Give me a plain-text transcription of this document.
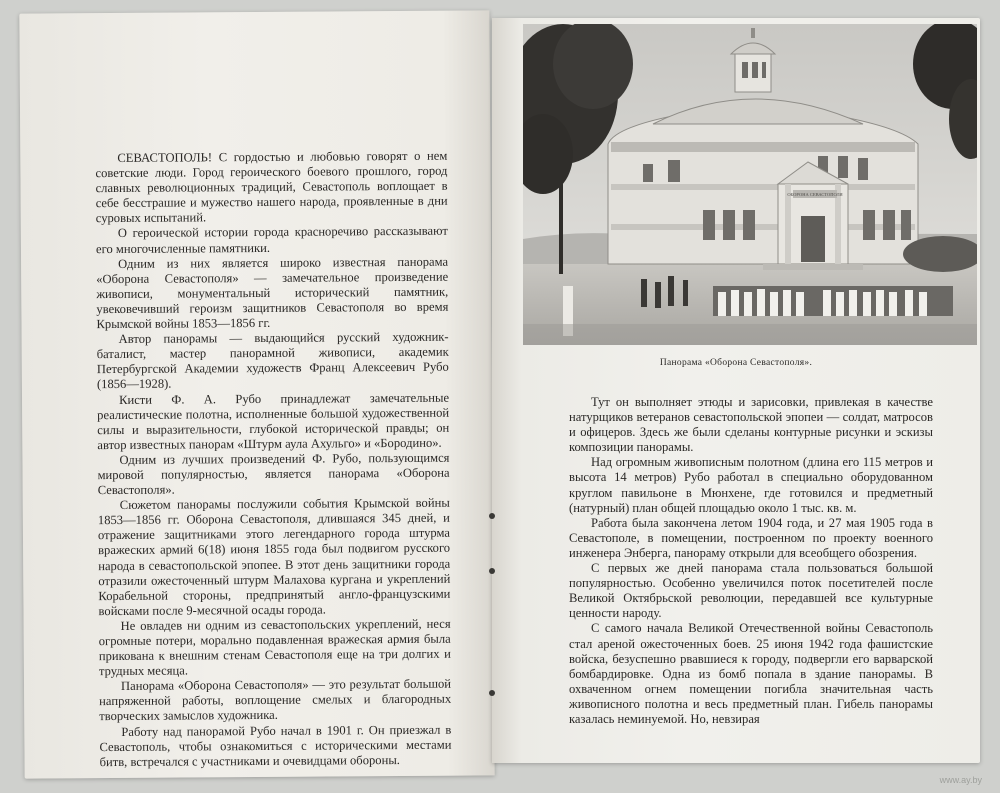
СЕВАСТОПОЛЬ! С гордостью и любовью говорят о нем советские люди. Город героического боевого прошлого, город славных революционных традиций, Севастополь воплощает в себе бесстрашие и мужество нашего народа, проявленные в дни суровых испытаний.

О героической истории города красноречиво рассказывают его многочисленные памятники.

Одним из них является широко известная панорама «Оборона Севастополя» — замечательное произведение живописи, монументальный исторический памятник, увековечивший героизм защитников Севастополя во время Крымской войны 1853—1856 гг.

Автор панорамы — выдающийся русский художник-баталист, мастер панорамной живописи, академик Петербургской Академии художеств Франц Алексеевич Рубо (1856—1928).

Кисти Ф. А. Рубо принадлежат замечательные реалистические полотна, исполненные большой художественной силы и выразительности, глубокой исторической правды; он автор известных панорам «Штурм аула Ахульго» и «Бородино».

Одним из лучших произведений Ф. Рубо, пользующимся мировой популярностью, является панорама «Оборона Севастополя».

Сюжетом панорамы послужили события Крымской войны 1853—1856 гг. Оборона Севастополя, длившаяся 345 дней, и отражение защитниками этого легендарного города штурма вражеских армий 6(18) июня 1855 года был подвигом русского народа в севастопольской эпопее. В этот день защитники города отразили ожесточенный штурм Малахова кургана и укреплений Корабельной стороны, предпринятый англо-французскими войсками после 9-месячной осады города.

Не овладев ни одним из севастопольских укреплений, неся огромные потери, морально подавленная вражеская армия была прикована к внешним стенам Севастополя еще на три долгих и трудных месяца.

Панорама «Оборона Севастополя» — это результат большой напряженной работы, воплощение смелых и благородных творческих замыслов художника.

Работу над панорамой Рубо начал в 1901 г. Он приезжал в Севастополь, чтобы ознакомиться с историческими местами битв, встречался с участниками и очевидцами обороны.

ОБОРОНА СЕВАСТОПОЛЯ
Панорама «Оборона Севастополя».

Тут он выполняет этюды и зарисовки, привлекая в качестве натурщиков ветеранов севастопольской эпопеи — солдат, матросов и офицеров. Здесь же были сделаны контурные рисунки и эскизы композиции панорамы.

Над огромным живописным полотном (длина его 115 метров и высота 14 метров) Рубо работал в специально оборудованном круглом павильоне в Мюнхене, где готовился и предметный (натурный) план общей площадью около 1 тыс. кв. м.

Работа была закончена летом 1904 года, и 27 мая 1905 года в Севастополе, в помещении, построенном по проекту военного инженера Энберга, панораму открыли для всеобщего обозрения.

С первых же дней панорама стала пользоваться большой популярностью. Особенно увеличился поток посетителей после Великой Октябрьской революции, передавшей все культурные ценности народу.

С самого начала Великой Отечественной войны Севастополь стал ареной ожесточенных боев. 25 июня 1942 года фашистские войска, безуспешно рвавшиеся к городу, подвергли его варварской бомбардировке. Одна из бомб попала в здание панорамы. В охваченном огнем помещении погибла значительная часть живописного полотна и весь предметный план. Гибель панорамы казалась неминуемой. Но, невзирая

www.ay.by
